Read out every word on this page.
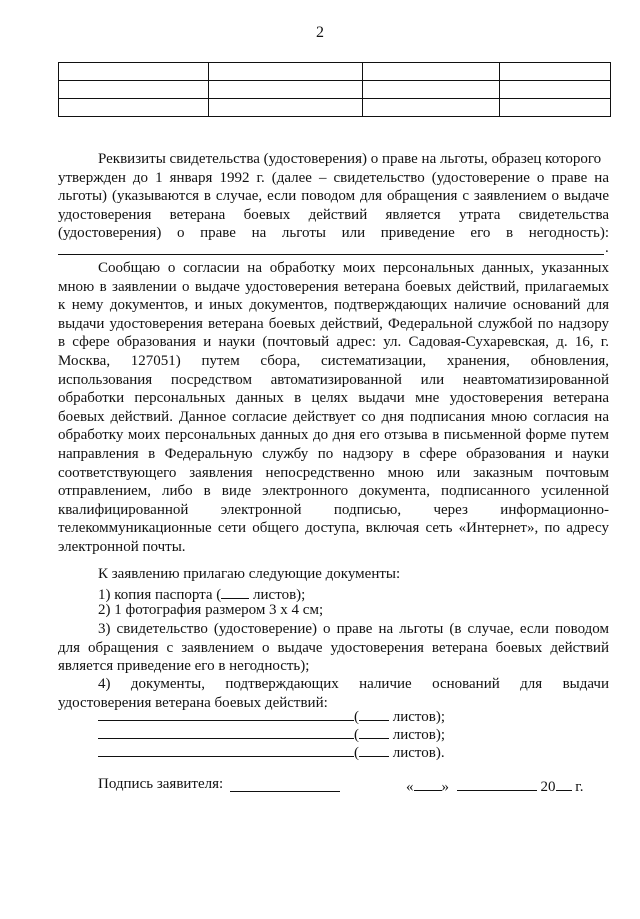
2

Реквизиты свидетельства (удостоверения) о праве на льготы, образец которого
утвержден до 1 января 1992 г. (далее – свидетельство (удостоверение о праве на
льготы) (указываются в случае, если поводом для обращения с заявлением о выдаче
удостоверения ветерана боевых действий является утрата свидетельства
(удостоверения) о праве на льготы или приведение его в негодность):
.
Сообщаю о согласии на обработку моих персональных данных, указанных
мною в заявлении о выдаче удостоверения ветерана боевых действий, прилагаемых
к нему документов, и иных документов, подтверждающих наличие оснований для
выдачи удостоверения ветерана боевых действий, Федеральной службой по надзору
в сфере образования и науки (почтовый адрес: ул. Садовая-Сухаревская, д. 16, г.
Москва, 127051) путем сбора, систематизации, хранения, обновления,
использования посредством автоматизированной или неавтоматизированной
обработки персональных данных в целях выдачи мне удостоверения ветерана
боевых действий. Данное согласие действует со дня подписания мною согласия на
обработку моих персональных данных до дня его отзыва в письменной форме путем
направления в Федеральную службу по надзору в сфере образования и науки
соответствующего заявления непосредственно мною или заказным почтовым
отправлением, либо в виде электронного документа, подписанного усиленной
квалифицированной электронной подписью, через информационно-
телекоммуникационные сети общего доступа, включая сеть «Интернет», по адресу
электронной почты.
К заявлению прилагаю следующие документы:
1) копия паспорта ( листов);
2) 1 фотография размером 3 х 4 см;
3) свидетельство (удостоверение) о праве на льготы (в случае, если поводом
для обращения с заявлением о выдаче удостоверения ветерана боевых действий
является приведение его в негодность);
4) документы, подтверждающих наличие оснований для выдачи
удостоверения ветерана боевых действий:
( листов);
( листов);
( листов).
Подпись заявителя:	« »	20 г.
